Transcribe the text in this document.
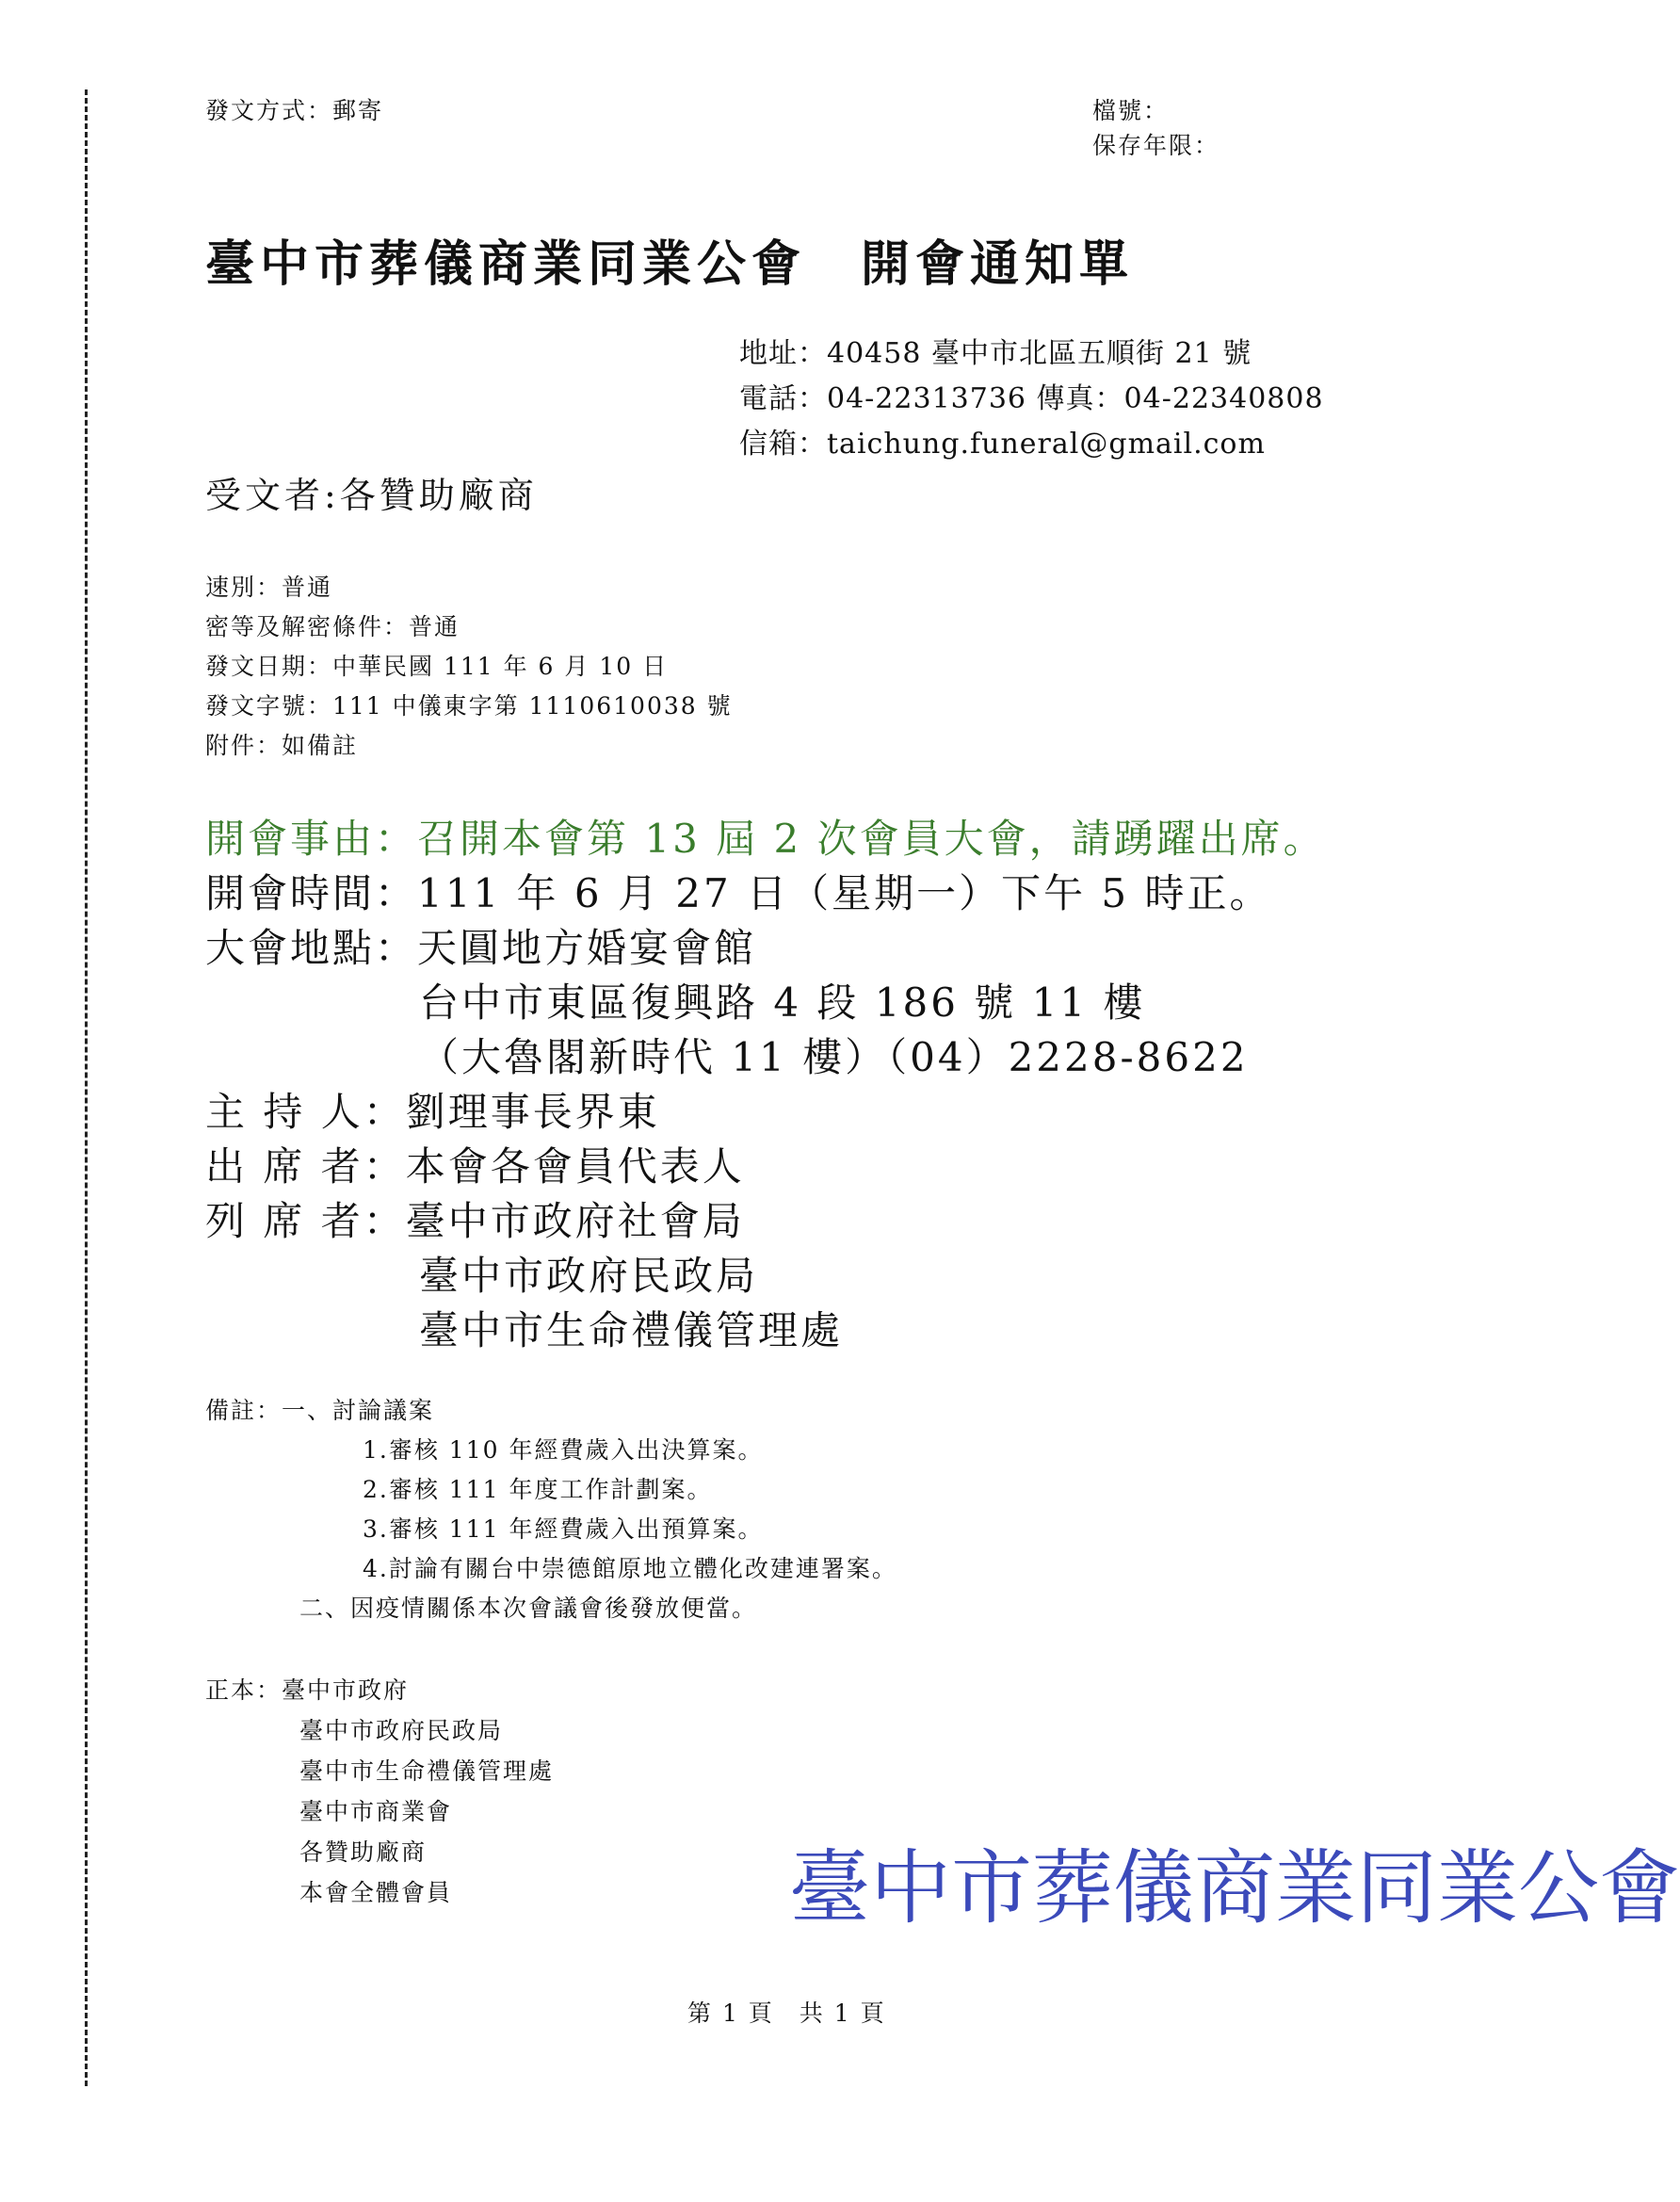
發文方式：郵寄	檔號：
保存年限：
臺中市葬儀商業同業公會　開會通知單
地址：40458 臺中市北區五順街 21 號
電話：04-22313736 傳真：04-22340808
信箱：taichung.funeral@gmail.com
受文者:各贊助廠商
速別：普通
密等及解密條件：普通
發文日期：中華民國 111 年 6 月 10 日
發文字號：111 中儀東字第 1110610038 號
附件：如備註
開會事由：召開本會第 13 屆 2 次會員大會，請踴躍出席。
開會時間：111 年 6 月 27 日（星期一）下午 5 時正。
大會地點：天圓地方婚宴會館
台中市東區復興路 4 段 186 號 11 樓
（大魯閣新時代 11 樓）（04）2228-8622
主 持 人：劉理事長界東
出 席 者：本會各會員代表人
列 席 者：臺中市政府社會局
臺中市政府民政局
臺中市生命禮儀管理處
備註：一、討論議案
1.審核 110 年經費歲入出決算案。
2.審核 111 年度工作計劃案。
3.審核 111 年經費歲入出預算案。
4.討論有關台中崇德館原地立體化改建連署案。
二、因疫情關係本次會議會後發放便當。
正本：臺中市政府
臺中市政府民政局
臺中市生命禮儀管理處
臺中市商業會
各贊助廠商
本會全體會員	臺中市葬儀商業同業公會
第 1 頁　共 1 頁
